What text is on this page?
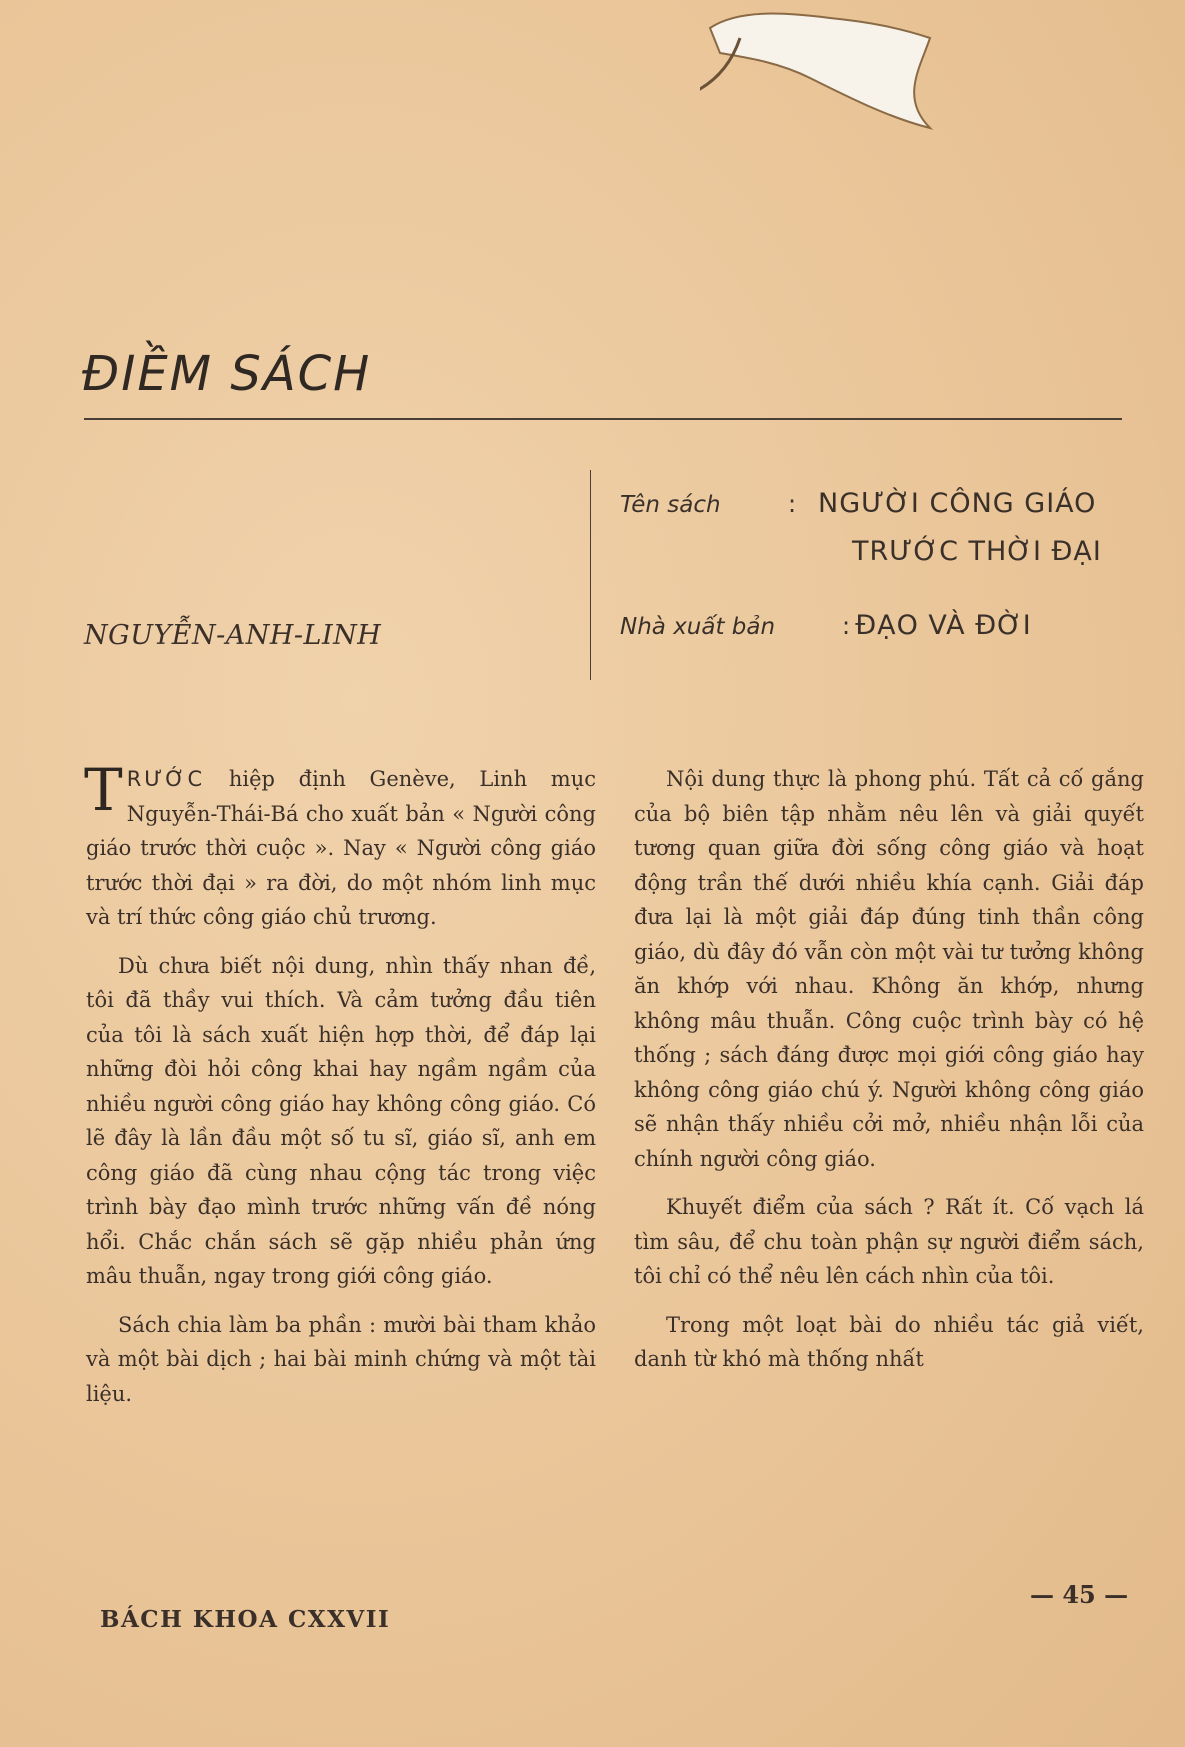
ĐIỀM SÁCH
NGUYỄN-ANH-LINH
Tên sách	: NGƯỜI CÔNG GIÁO
TRƯỚC THỜI ĐẠI
Nhà xuất bản	: ĐẠO VÀ ĐỜI

TRƯỚC hiệp định Genève, Linh mục Nguyễn-Thái-Bá cho xuất bản « Người công giáo trước thời cuộc ». Nay « Người công giáo trước thời đại » ra đời, do một nhóm linh mục và trí thức công giáo chủ trương.

Dù chưa biết nội dung, nhìn thấy nhan đề, tôi đã thầy vui thích. Và cảm tưởng đầu tiên của tôi là sách xuất hiện hợp thời, để đáp lại những đòi hỏi công khai hay ngầm ngầm của nhiều người công giáo hay không công giáo. Có lẽ đây là lần đầu một số tu sĩ, giáo sĩ, anh em công giáo đã cùng nhau cộng tác trong việc trình bày đạo mình trước những vấn đề nóng hổi. Chắc chắn sách sẽ gặp nhiều phản ứng mâu thuẫn, ngay trong giới công giáo.

Sách chia làm ba phần : mười bài tham khảo và một bài dịch ; hai bài minh chứng và một tài liệu.

Nội dung thực là phong phú. Tất cả cố gắng của bộ biên tập nhằm nêu lên và giải quyết tương quan giữa đời sống công giáo và hoạt động trần thế dưới nhiều khía cạnh. Giải đáp đưa lại là một giải đáp đúng tinh thần công giáo, dù đây đó vẫn còn một vài tư tưởng không ăn khớp với nhau. Không ăn khớp, nhưng không mâu thuẫn. Công cuộc trình bày có hệ thống ; sách đáng được mọi giới công giáo hay không công giáo chú ý. Người không công giáo sẽ nhận thấy nhiều cởi mở, nhiều nhận lỗi của chính người công giáo.

Khuyết điểm của sách ? Rất ít. Cố vạch lá tìm sâu, để chu toàn phận sự người điểm sách, tôi chỉ có thể nêu lên cách nhìn của tôi.

Trong một loạt bài do nhiều tác giả viết, danh từ khó mà thống nhất

BÁCH KHOA CXXVII
— 45 —
